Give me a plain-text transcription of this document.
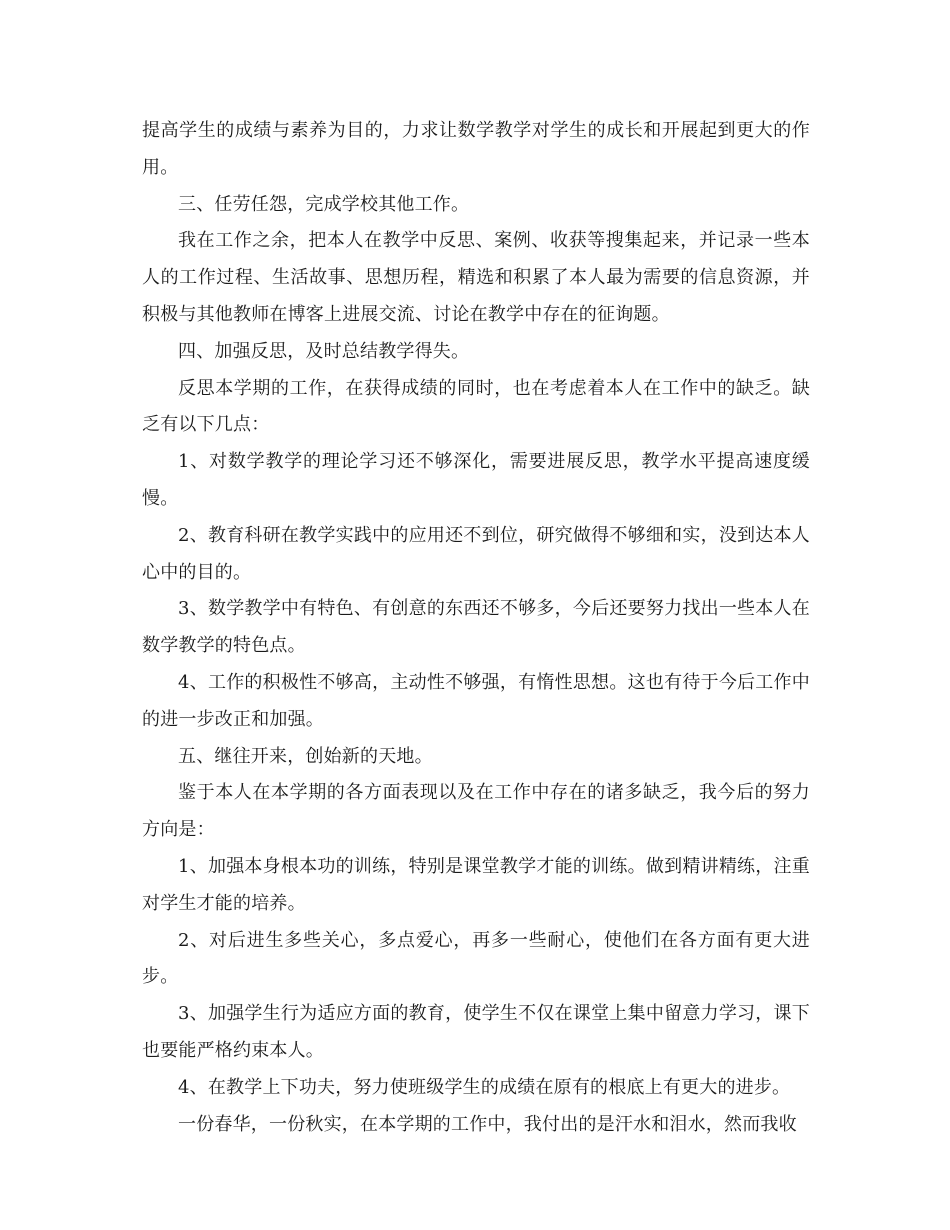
提高学生的成绩与素养为目的，力求让数学教学对学生的成长和开展起到更大的作用。

三、任劳任怨，完成学校其他工作。

我在工作之余，把本人在教学中反思、案例、收获等搜集起来，并记录一些本人的工作过程、生活故事、思想历程，精选和积累了本人最为需要的信息资源，并积极与其他教师在博客上进展交流、讨论在教学中存在的征询题。

四、加强反思，及时总结教学得失。

反思本学期的工作，在获得成绩的同时，也在考虑着本人在工作中的缺乏。缺乏有以下几点：

1、对数学教学的理论学习还不够深化，需要进展反思，教学水平提高速度缓慢。

2、教育科研在教学实践中的应用还不到位，研究做得不够细和实，没到达本人心中的目的。

3、数学教学中有特色、有创意的东西还不够多，今后还要努力找出一些本人在数学教学的特色点。

4、工作的积极性不够高，主动性不够强，有惰性思想。这也有待于今后工作中的进一步改正和加强。

五、继往开来，创始新的天地。

鉴于本人在本学期的各方面表现以及在工作中存在的诸多缺乏，我今后的努力方向是：

1、加强本身根本功的训练，特别是课堂教学才能的训练。做到精讲精练，注重对学生才能的培养。

2、对后进生多些关心，多点爱心，再多一些耐心，使他们在各方面有更大进步。

3、加强学生行为适应方面的教育，使学生不仅在课堂上集中留意力学习，课下也要能严格约束本人。

4、在教学上下功夫，努力使班级学生的成绩在原有的根底上有更大的进步。

一份春华，一份秋实，在本学期的工作中，我付出的是汗水和泪水，然而我收
